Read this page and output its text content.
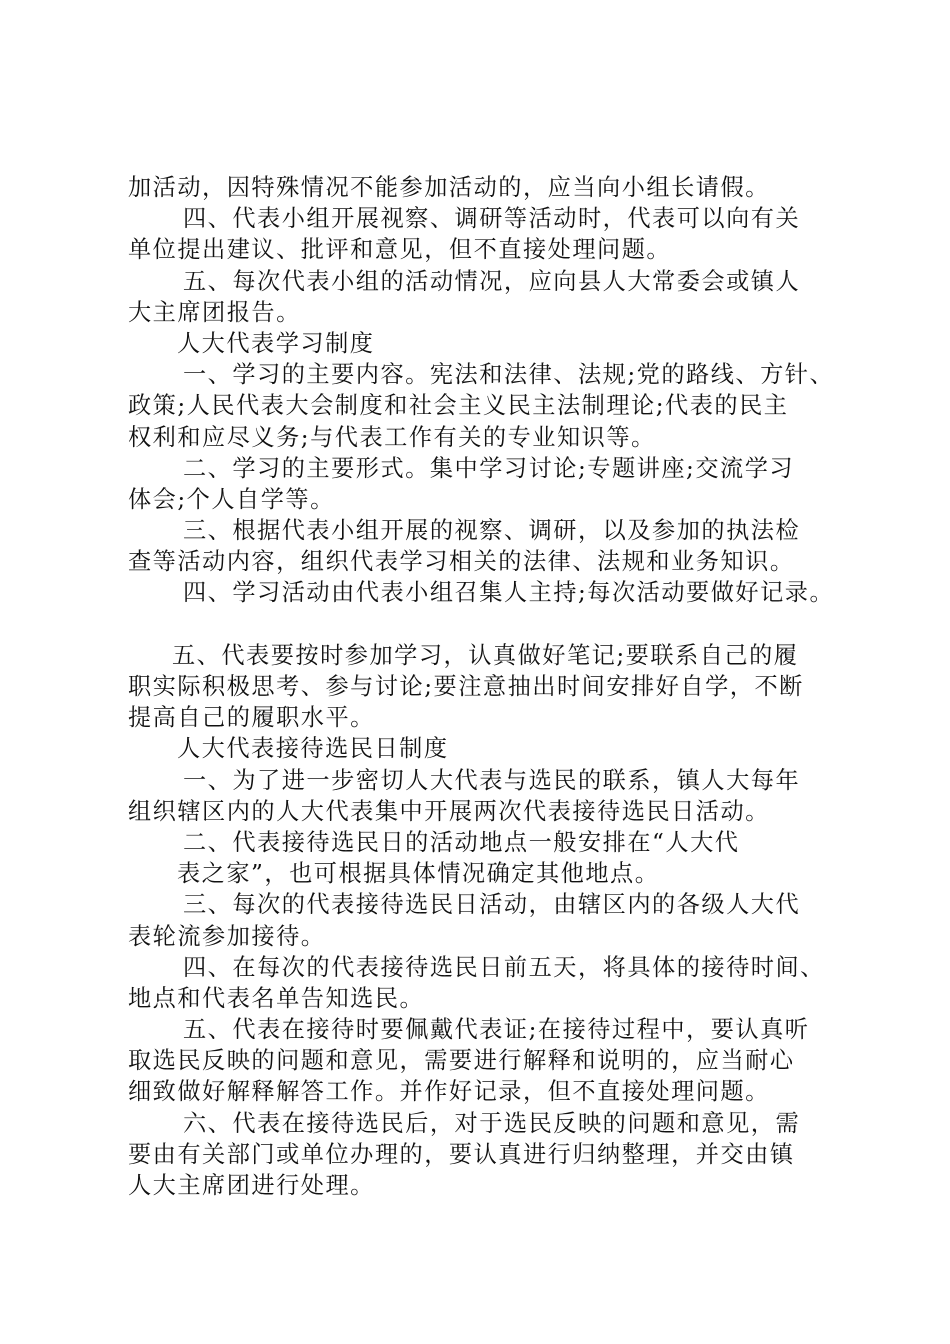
加活动，因特殊情况不能参加活动的，应当向小组长请假。
四、代表小组开展视察、调研等活动时，代表可以向有关
单位提出建议、批评和意见，但不直接处理问题。
五、每次代表小组的活动情况，应向县人大常委会或镇人
大主席团报告。
人大代表学习制度
一、学习的主要内容。宪法和法律、法规;党的路线、方针、
政策;人民代表大会制度和社会主义民主法制理论;代表的民主
权利和应尽义务;与代表工作有关的专业知识等。
二、学习的主要形式。集中学习讨论;专题讲座;交流学习
体会;个人自学等。
三、根据代表小组开展的视察、调研，以及参加的执法检
查等活动内容，组织代表学习相关的法律、法规和业务知识。
四、学习活动由代表小组召集人主持;每次活动要做好记录。
五、代表要按时参加学习，认真做好笔记;要联系自己的履
职实际积极思考、参与讨论;要注意抽出时间安排好自学，不断
提高自己的履职水平。
人大代表接待选民日制度
一、为了进一步密切人大代表与选民的联系，镇人大每年
组织辖区内的人大代表集中开展两次代表接待选民日活动。
二、代表接待选民日的活动地点一般安排在“人大代
表之家”，也可根据具体情况确定其他地点。
三、每次的代表接待选民日活动，由辖区内的各级人大代
表轮流参加接待。
四、在每次的代表接待选民日前五天，将具体的接待时间、
地点和代表名单告知选民。
五、代表在接待时要佩戴代表证;在接待过程中，要认真听
取选民反映的问题和意见，需要进行解释和说明的，应当耐心
细致做好解释解答工作。并作好记录，但不直接处理问题。
六、代表在接待选民后，对于选民反映的问题和意见，需
要由有关部门或单位办理的，要认真进行归纳整理，并交由镇
人大主席团进行处理。
